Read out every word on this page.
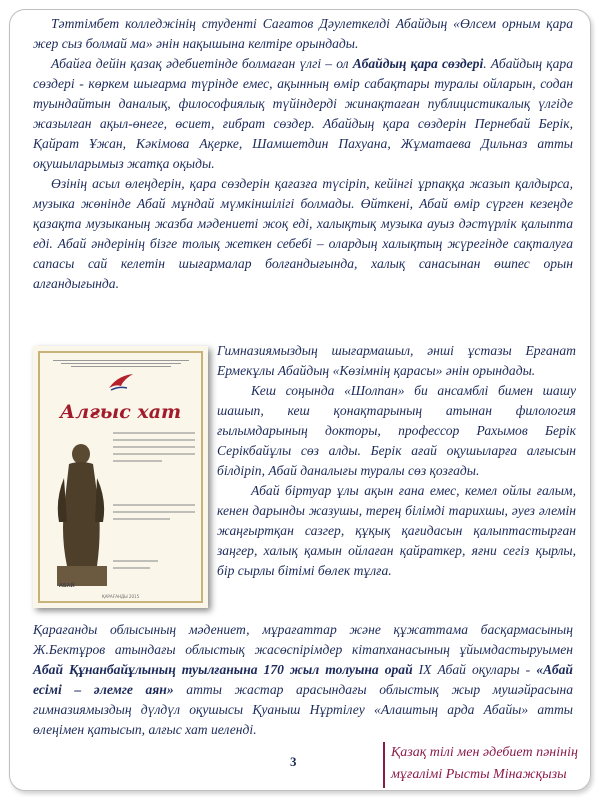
Тәттімбет колледжінің студенті Сағатов Дәулеткелді Абайдың «Өлсем орным қара жер сыз болмай ма» әнін нақышына келтіре орындады.

Абайға дейін қазақ әдебиетінде болмаған үлгі – ол Абайдың қара сөздері. Абайдың қара сөздері - көркем шығарма түрінде емес, ақынның өмір сабақтары туралы ойларын, содан туындайтын даналық, философиялық түйіндерді жинақтаған публицистикалық үлгіде жазылған ақыл-өнеге, өсиет, ғибрат сөздер. Абайдың қара сөздерін Пернебай Берік, Қайрат Ұжан, Кәкімова Ақерке, Шамшетдин Пахуана, Жұматаева Дильназ атты оқушыларымыз жатқа оқыды.

Өзінің асыл өлеңдерін, қара сөздерін қағазға түсіріп, кейінгі ұрпаққа жазып қалдырса, музыка жөнінде Абай мұндай мүмкіншілігі болмады. Өйткені, Абай өмір сүрген кезеңде қазақта музыканың жазба мәдениеті жоқ еді, халықтық музыка ауыз дәстүрлік қалыпта еді. Абай әндерінің бізге толық жеткен себебі – олардың халықтың жүрегінде сақталуға сапасы сай келетін шығармалар болғандығында, халық санасынан өшпес орын алғандығында.

Алғыс хат
АБАЙ
ҚАРАҒАНДЫ 2015

Гимназиямыздың шығармашыл, әнші ұстазы Ерғанат Ермекұлы Абайдың «Көзімнің қарасы» әнін орындады.

Кеш соңында «Шолпан» би ансамблі бимен шашу шашып, кеш қонақтарының атынан филология ғылымдарының докторы, профессор Рахымов Берік Серікбайұлы сөз алды. Берік ағай оқушыларға алғысын білдіріп, Абай даналығы туралы сөз қозғады.

Абай біртуар ұлы ақын ғана емес, кемел ойлы ғалым, кенен дарынды жазушы, терең білімді тарихшы, әуез әлемін жаңғыртқан сазгер, құқық қағидасын қалыптастырған заңгер, халық қамын ойлаған қайраткер, яғни сегіз қырлы, бір сырлы бітімі бөлек тұлға.

Қарағанды облысының мәдениет, мұрағаттар және құжаттама басқармасының Ж.Бектұров атындағы облыстық жасөспірімдер кітапханасының ұйымдастыруымен Абай Құнанбайұлының туылғанына 170 жыл толуына орай ІХ Абай оқулары - «Абай есімі – әлемге аян» атты жастар арасындағы облыстық жыр мушәйрасына гимназиямыздың дүлдүл оқушысы Қуаныш Нұртілеу «Алаштың арда Абайы» атты өлеңімен қатысып, алғыс хат иеленді.

3
Қазақ тілі мен әдебиет пәнінің
мұғалімі Рысты Мінажқызы
